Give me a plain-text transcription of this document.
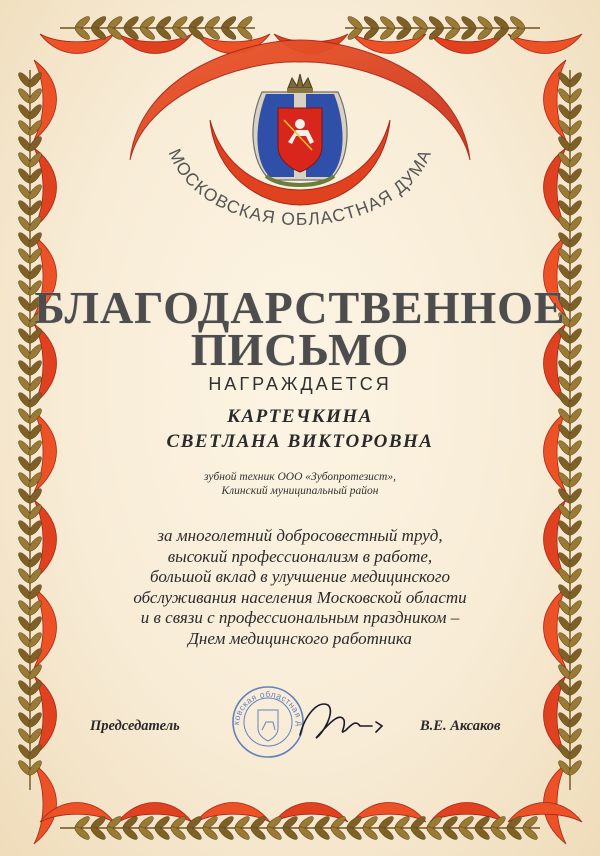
МОСКОВСКАЯ ОБЛАСТНАЯ ДУМА
Московская областная дума
БЛАГОДАРСТВЕННОЕ
ПИСЬМО
НАГРАЖДАЕТСЯ
КАРТЕЧКИНА
СВЕТЛАНА ВИКТОРОВНА
зубной техник ООО «Зубопротезист»,
Клинский муниципальный район
за многолетний добросовестный труд,
высокий профессионализм в работе,
большой вклад в улучшение медицинского
обслуживания населения Московской области
и в связи с профессиональным праздником –
Днем медицинского работника
Председатель	В.Е. Аксаков
